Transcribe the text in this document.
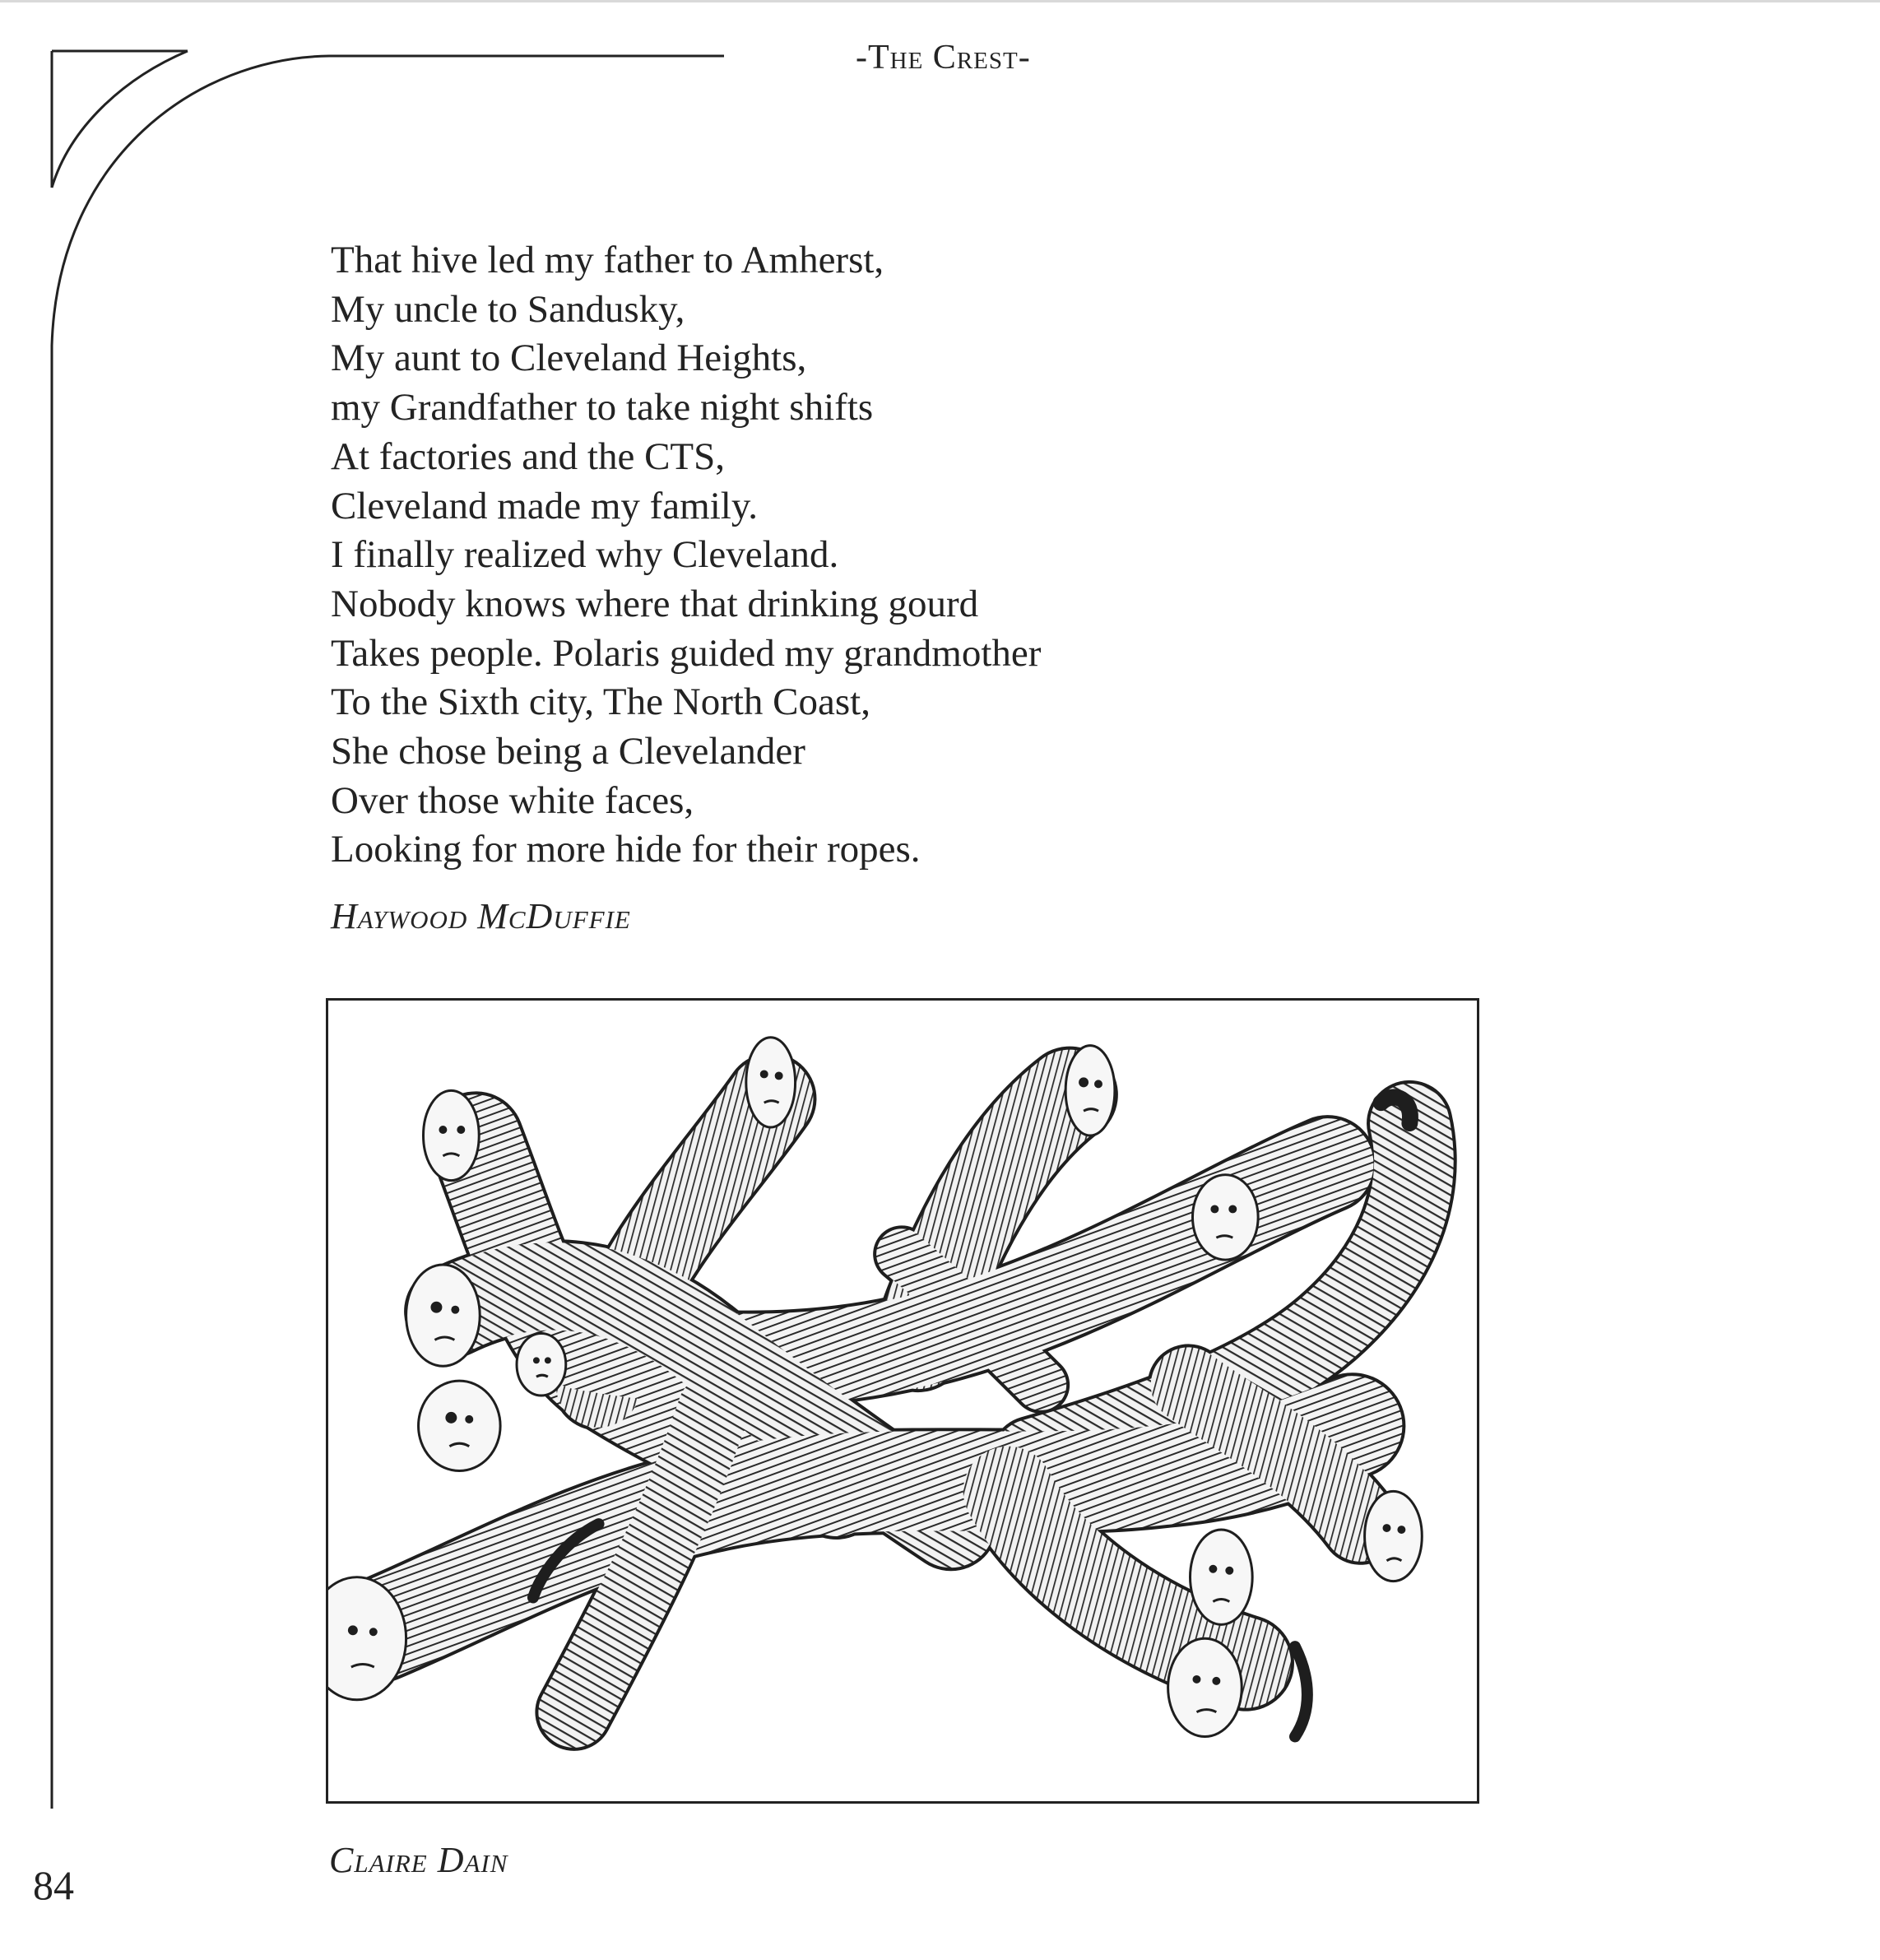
-The Crest-
That hive led my father to Amherst,
My uncle to Sandusky,
My aunt to Cleveland Heights,
my Grandfather to take night shifts
At factories and the CTS,
Cleveland made my family.
I finally realized why Cleveland.
Nobody knows where that drinking gourd
Takes people. Polaris guided my grandmother
To the Sixth city, The North Coast,
She chose being a Clevelander
Over those white faces,
Looking for more hide for their ropes.
Haywood McDuffie
Claire Dain
84
